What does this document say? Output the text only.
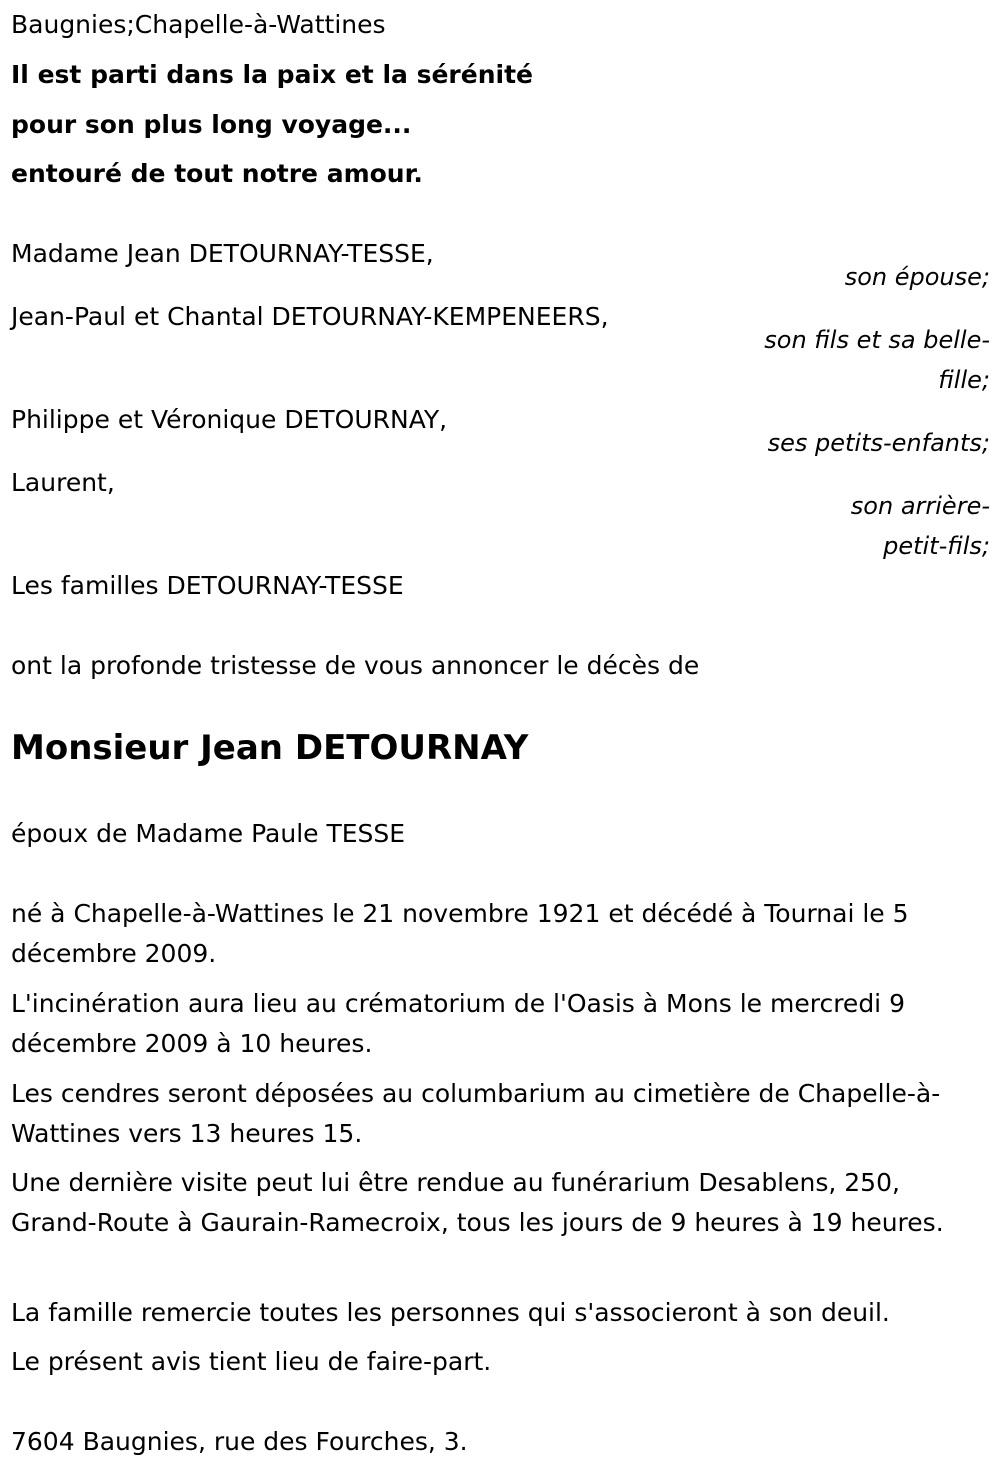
Baugnies;Chapelle-à-Wattines
Il est parti dans la paix et la sérénité
pour son plus long voyage...
entouré de tout notre amour.
Madame Jean DETOURNAY-TESSE,
son épouse;
Jean-Paul et Chantal DETOURNAY-KEMPENEERS,
son fils et sa belle-fille;
Philippe et Véronique DETOURNAY,
ses petits-enfants;
Laurent,
son arrière-petit-fils;
Les familles DETOURNAY-TESSE
ont la profonde tristesse de vous annoncer le décès de
Monsieur Jean DETOURNAY
époux de Madame Paule TESSE
né à Chapelle-à-Wattines le 21 novembre 1921 et décédé à Tournai le 5 décembre 2009.
L'incinération aura lieu au crématorium de l'Oasis à Mons le mercredi 9 décembre 2009 à 10 heures.
Les cendres seront déposées au columbarium au cimetière de Chapelle-à-Wattines vers 13 heures 15.
Une dernière visite peut lui être rendue au funérarium Desablens, 250, Grand-Route à Gaurain-Ramecroix, tous les jours de 9 heures à 19 heures.
La famille remercie toutes les personnes qui s'associeront à son deuil.
Le présent avis tient lieu de faire-part.
7604 Baugnies, rue des Fourches, 3.
